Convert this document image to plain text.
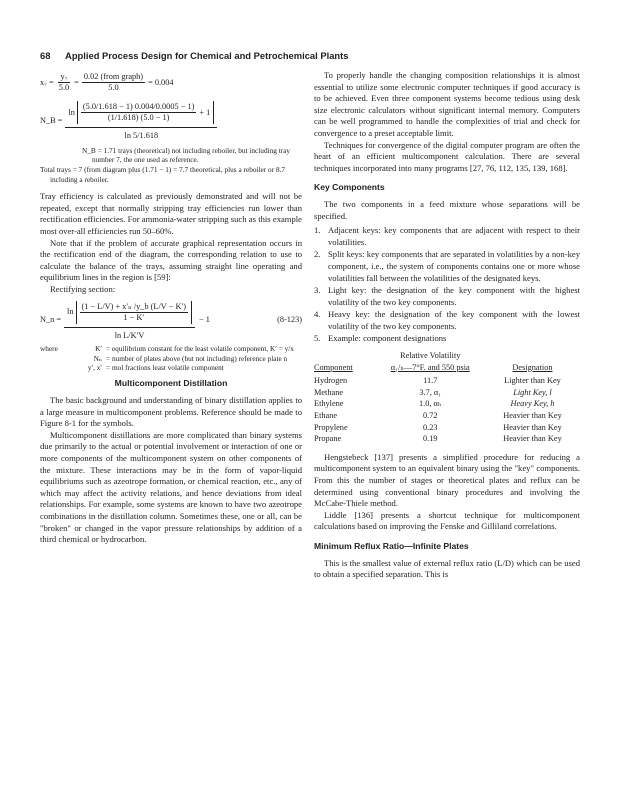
68 Applied Process Design for Chemical and Petrochemical Plants
$x_7 = \frac{\text{y₇}}{5.0} = \frac{\text{0.02 (from graph)}}{5.0} = 0.004$
N_B =
$\ln \frac{(5.0/1.618 - 1) 0.004/0.0005 - 1)}{(1/1.618) (5.0 - 1)} + 1$
ln 5/1.618
N_B = 1.71 trays (theoretical) not including reboiler, but including tray number 7, the one used as reference.
Total trays = 7 (from diagram plus (1.71 − 1) = 7.7 theoretical, plus a reboiler or 8.7 including a reboiler.

Tray efficiency is calculated as previously demonstrated and will not be repeated, except that normally stripping tray efficiencies run lower than rectification efficiencies. For ammonia-water stripping such as this example most over-all efficiencies run 50–60%.

Note that if the problem of accurate graphical representation occurs in the rectification end of the diagram, the corresponding relation to use to calculate the balance of the trays, assuming straight line operating and equilibrium lines in the region is [59]:

Rectifying section:

N_n =
$\ln \frac{\text{(1 − L/V) + x′ₙ /y\_b (L/V − K′)}}{1 - K'}$
ln L/K′V
− 1	(8-123)
where	K′ = equilibrium constant for the least volatile component, K′ = y/x
Nₙ = number of plates above (but not including) reference plate n
y′, x′ = mol fractions least volatile component
Multicomponent Distillation

The basic background and understanding of binary distillation applies to a large measure in multicomponent problems. Reference should be made to Figure 8-1 for the symbols.

Multicomponent distillations are more complicated than binary systems due primarily to the actual or potential involvement or interaction of one or more components of the multicomponent system on other components of the mixture. These interactions may be in the form of vapor-liquid equilibriums such as azeotrope formation, or chemical reaction, etc., any of which may affect the activity relations, and hence deviations from ideal relationships. For example, some systems are known to have two azeotrope combinations in the distillation column. Sometimes these, one or all, can be "broken" or changed in the vapor pressure relationships by addition of a third chemical or hydrocarbon.

To properly handle the changing composition relationships it is almost essential to utilize some electronic computer techniques if good accuracy is to be achieved. Even three component systems become tedious using desk size electronic calculators without significant internal memory. Computers can be well programmed to handle the complexities of trial and check for convergence to a preset acceptable limit.

Techniques for convergence of the digital computer program are often the heart of an efficient multicomponent calculation. There are several techniques incorporated into many programs [27, 76, 112, 135, 139, 168].

Key Components

The two components in a feed mixture whose separations will be specified.

1. Adjacent keys: key components that are adjacent with respect to their volatilities.
2. Split keys: key components that are separated in volatilities by a non-key component, i.e., the system of components contains one or more whose volatilities fall between the volatilities of the designated keys.
3. Light key: the designation of the key component with the highest volatility of the two key components.
4. Heavy key: the designation of the key component with the lowest volatility of the two key components.
5. Example: component designations
	Relative Volatility	
Component	α₁/ₕ—7°F. and 550 psia	Designation
Hydrogen	11.7	Lighter than Key
Methane	3.7, α₁	Light Key, l
Ethylene	1.0, αₕ	Heavy Key, h
Ethane	0.72	Heavier than Key
Propylene	0.23	Heavier than Key
Propane	0.19	Heavier than Key

Hengstebeck [137] presents a simplified procedure for reducing a multicomponent system to an equivalent binary using the "key" components. From this the number of stages or theoretical plates and reflux can be determined using conventional binary procedures and involving the McCabe-Thiele method.

Liddle [136] presents a shortcut technique for multicomponent calculations based on improving the Fenske and Gilliland correlations.

Minimum Reflux Ratio—Infinite Plates

This is the smallest value of external reflux ratio (L/D) which can be used to obtain a specified separation. This is
